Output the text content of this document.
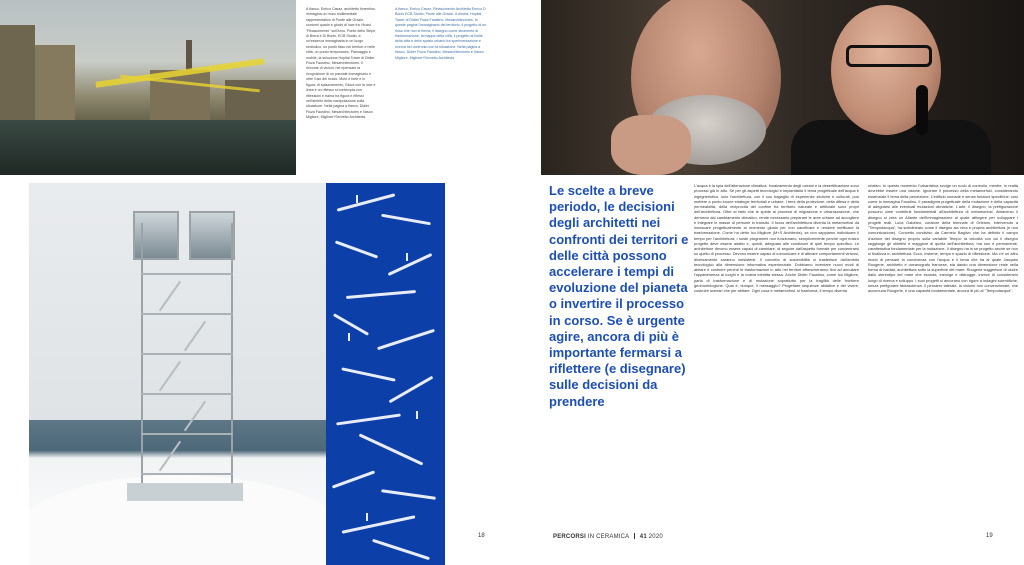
A fianco, Enrico Cavaz, architetto fiorentino, immagina un muro multimediale rappresentativo di Ponte alle Grazie, contorni quadri e giochi di luce fra i flussi "Rinascimento" sull'Arno. Ponte dello Stripe di Brera e Di Bonis, ECB Studio, a un'essenza immaginaria in un luogo simbolico, un punto fisso nei territori e nelle città, un punto temporaneo. Paesaggio e mobile, la soluzione Hopital Tower di Didier Fiuza Faustino, Mesarchitectures. Il rhizome di visioni, nel ripensare la ricognizione di un parziale immaginario e oltre l'uso del riciclo. Muto e forte e in figura, di spiazzamento, Gioca con la luce e linea e un riflesso si contempla con riflessioni e trama tra figura e riflessi nell'ambito della manipolazione sulla situazione. Nella pagina a fianco, Didier Fiuza Faustino, Mesarchitectures e Vasco Migliore, Migliore+Servetto Architects.

A fianco, Enrico Cavaz, Rinascimento Architetto Enrico D. Bonis ECB Studio, Ponte alle Grazie. A destra, Hopital Tower di Didier Fiuza Faustino, Mesarchitectures. In queste pagine l'immaginario del territorio, il progetto di un riuso che non si ferma, il disegno come strumento di trasformazione, la mappa della città, il progetto al limite della città e dello spazio urbano tra sperimentazione e ricerca nel confronto con la situazione. Nella pagina a fianco, Didier Fiuza Faustino, Mesarchitectures e Vasco Migliore, Migliore+Servetto Architects.

Le scelte a breve periodo, le decisioni degli architetti nei confronti dei territori e delle città possono accelerare i tempi di evoluzione del pianeta o invertire il processo in corso. Se è urgente agire, ancora di più è importante fermarsi a riflettere (e disegnare) sulle decisioni da prendere

L'acqua è la spia dell'alterazione climatica. Innalzamento degli oceani e la desertificazione sono processi già in atto. Se per gli aspetti tecnologici e impiantistici il tema progettuale dell'acqua è ingegneristico, solo l'architettura, con il suo bagaglio di esperienze storiche e culturali, può mettere a punto buone strategie territoriali e urbane. I temi della protezione, della difesa e della permeabilità, della reciprocità del confine fra territorio naturale e artificiale sono propri dell'architettura. Oltre al fatto che le spinte ai processi di migrazione e urbanizzazione, che derivano dal cambiamento climatico, rende necessario preparare le aree urbane ad accogliere e integrare le masse di persone in transito. Il focus dell'architettura diventa la metamorfosi da innescare progettualmente al momento giusto per non sacrificare e rendere inefficace la trasformazione. Come ha detto Ico Migliore (M+S Architects), se non sappiamo individuare il tempo per l'architettura, i nostri programmi non funzionano, semplicemente perché ogni nostro progetto deve essere adatto e, quindi, adeguato alle condizioni di quel tempo specifico. Le architetture devono essere capaci di cambiare, di seguire dall'aspetto formale per concentrarsi su quello di processo. Devono essere capaci di comunicare e di attivare comportamenti virtuosi, diversamente saranno inesistenti. Il concetto di sostenibilità si trasferisce dall'ambito tecnologico alla dimensione informativa esperienziale. Dobbiamo inventare nuovi modi di abitare e costruire perché le trasformazioni in atto nei territori affrescheranno fino ad annullare l'appartenenza ai luoghi e la nostra identità stessa. Anche Didier Faustino, come Ico Migliore, parla di trasformazione e di mutazione soprattutto per la fragilità delle frontiere geomorfologiche. Qual è, dunque, il messaggio? Progettare sequenze abitative e dei vivere, costruire scenari che per abitare. Ogni cosa è metamorfosi, si trasforma, il tempo diventa

relativo. In questo momento l'urbanistica svolge un ruolo di controllo, mentre, in realtà dovrebbe essere una visione. Ignorare il processo della metamorfosi, considerando essenziale il tema della percezione. L'edificio nomade e senza funzioni specifiche: così come lo immagina Faustino. Il paradigma progettuale della mutazione e della capacità di adeguarsi alle eventuali mutazioni climatiche. L'arte, il disegno, la prefigurazione possono dare contributi fondamentali all'architettura di metamorfosi. Attraverso il disegno si crea un Atlante dell'immaginazione al quale attingere per sviluppare i progetti reali. Luca Galofaro, curatore della biennale di Orléans, intervenuto a "Tempodacqua", ha sottolineato come il disegno sia vera e propria architettura (e non comunicazione). Concetto condiviso da Carmelo Baglivo che ha definito il campo d'azione del disegno proprio sulla variabile Tempo: la velocità con cui il disegno raggiunge gli obiettivi è maggiore di quella dell'architettura, ma non è permanente, caratteristica fondamentale per la mutazione. Il disegno ha in sé progetto anche se non si finalizza in architettura. Ecco, insieme, tempo e spazio di riflessione. Ma c'è un altro modo di pensare la convivenza con l'acqua e il tema che ha al quale Jacques Rougerie, architetto e oceanografo francese, sta dando una dimensione reale nella forma di habitat, architettura sotto la superficie del mare. Rougerie suggerisce di uscire dallo stereotipo del mare che esonda, travolge e distrugge, invece di considerarlo luogo di ricerca e sviluppo. I suoi progetti si ancorano con rigore a indagini scientifiche, senza prefigurare fantascienza. Il pensiero laterale, la visione non convenzionale, che accomuna Rougerie, è una capacità fondamentale, ancora di più al "Tempodacqua".

18	PERCORSI IN CERAMICA 41 2020	19
